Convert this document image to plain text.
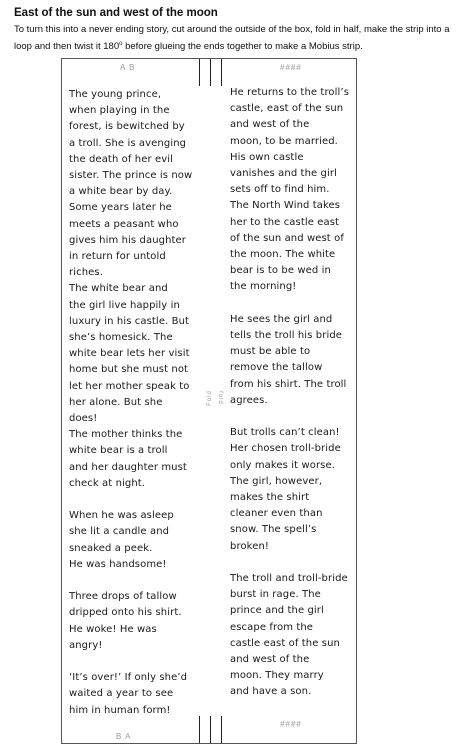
East of the sun and west of the moon
To turn this into a never ending story, cut around the outside of the box, fold in half, make the strip into a loop and then twist it 180$^o$ before glueing the ends together to make a Mobius strip.
A B	####
B A
####
Fold fold

The young prince,

when playing in the

forest, is bewitched by

a troll. She is avenging

the death of her evil

sister. The prince is now

a white bear by day.

Some years later he

meets a peasant who

gives him his daughter

in return for untold

riches.

The white bear and

the girl live happily in

luxury in his castle. But

she’s homesick. The

white bear lets her visit

home but she must not

let her mother speak to

her alone. But she

does!

The mother thinks the

white bear is a troll

and her daughter must

check at night.

When he was asleep

she lit a candle and

sneaked a peek.

He was handsome!

Three drops of tallow

dripped onto his shirt.

He woke! He was

angry!

‘It’s over!’ If only she’d

waited a year to see

him in human form!

He returns to the troll’s

castle, east of the sun

and west of the

moon, to be married.

His own castle

vanishes and the girl

sets off to find him.

The North Wind takes

her to the castle east

of the sun and west of

the moon. The white

bear is to be wed in

the morning!

He sees the girl and

tells the troll his bride

must be able to

remove the tallow

from his shirt. The troll

agrees.

But trolls can’t clean!

Her chosen troll-bride

only makes it worse.

The girl, however,

makes the shirt

cleaner even than

snow. The spell’s

broken!

The troll and troll-bride

burst in rage. The

prince and the girl

escape from the

castle east of the sun

and west of the

moon. They marry

and have a son.
